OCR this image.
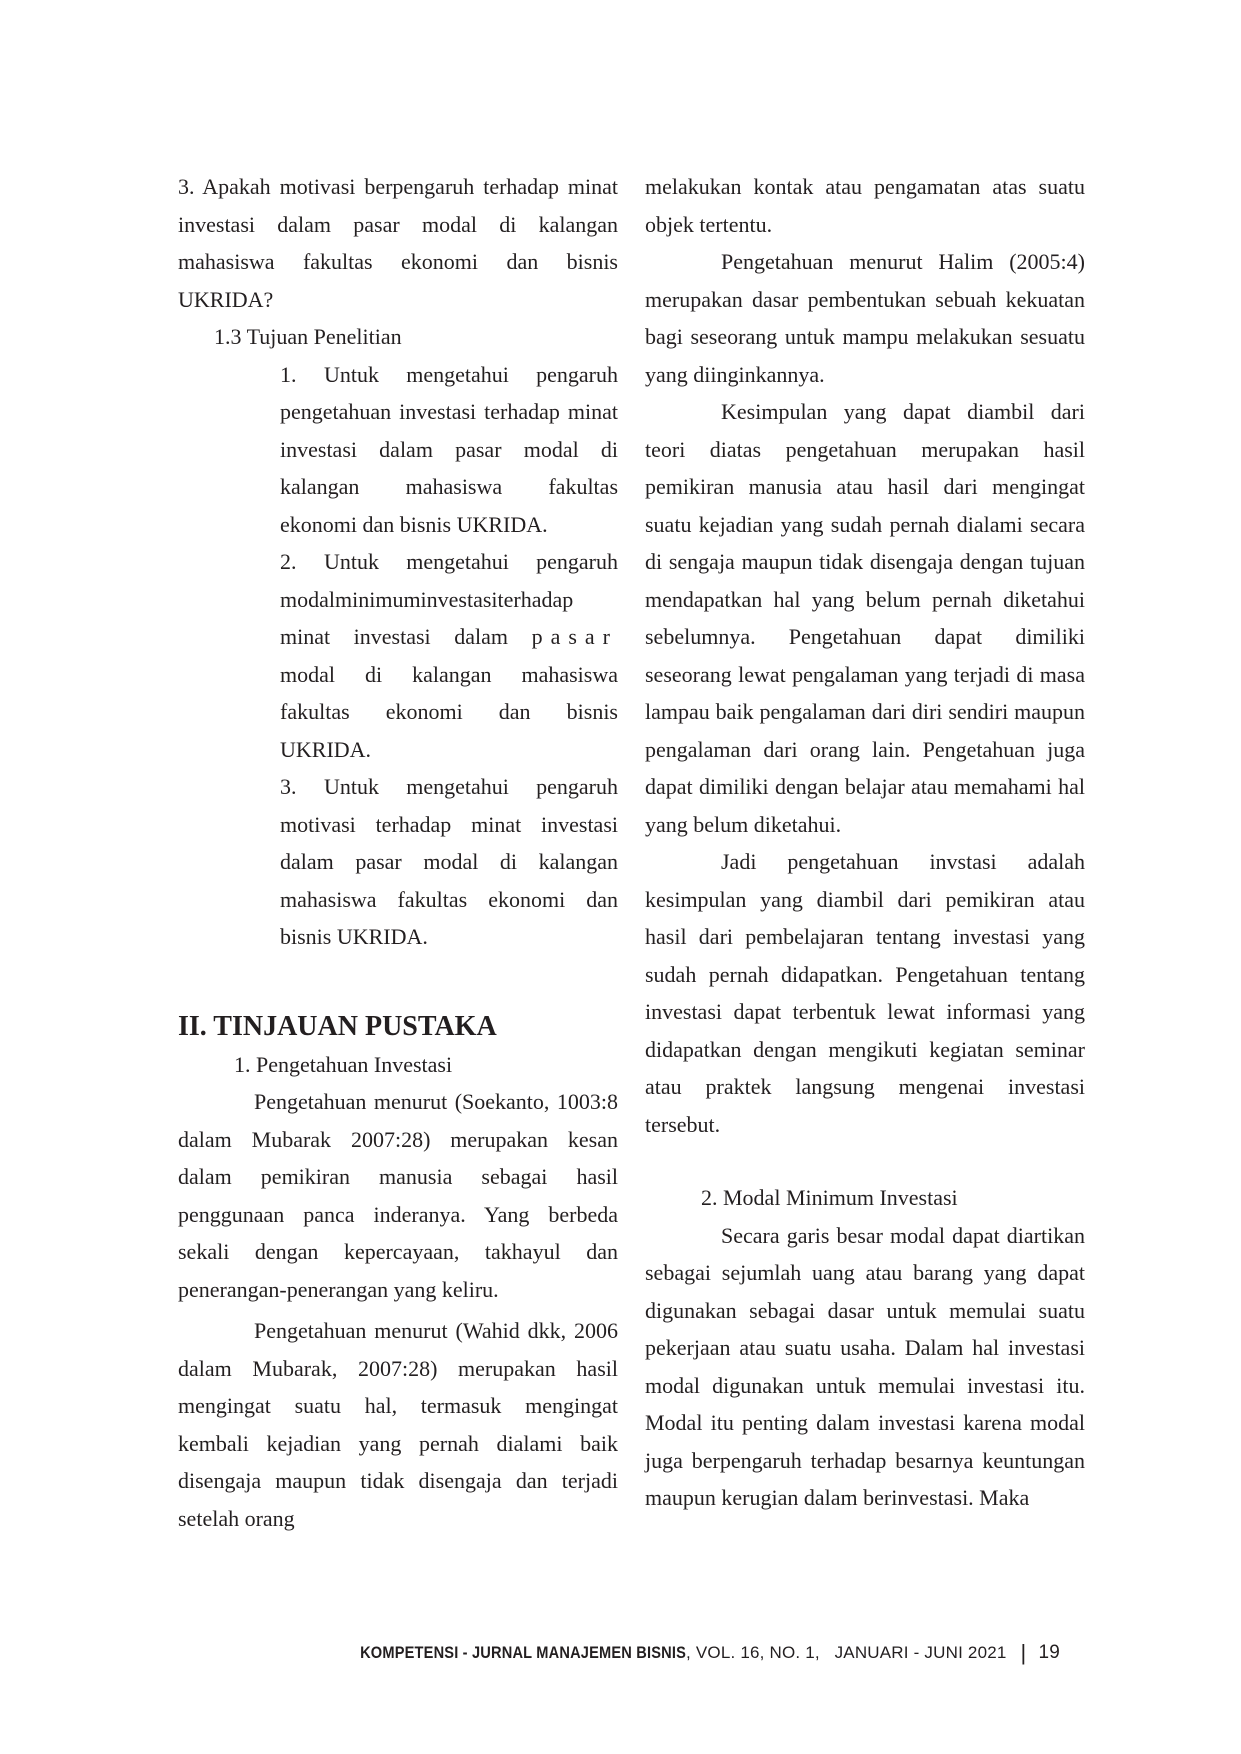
3. Apakah motivasi berpengaruh terhadap minat investasi dalam pasar modal di kalangan mahasiswa fakultas ekonomi dan bisnis UKRIDA?

1.3 Tujuan Penelitian

1. Untuk mengetahui pengaruh pengetahuan investasi terhadap minat investasi dalam pasar modal di kalangan mahasiswa fakultas ekonomi dan bisnis UKRIDA.

2. Untuk mengetahui pengaruh modalminimuminvestasiterhadap minat investasi dalam pasar modal di kalangan mahasiswa fakultas ekonomi dan bisnis UKRIDA.

3. Untuk mengetahui pengaruh motivasi terhadap minat investasi dalam pasar modal di kalangan mahasiswa fakultas ekonomi dan bisnis UKRIDA.

II. TINJAUAN PUSTAKA

1. Pengetahuan Investasi

Pengetahuan menurut (Soekanto, 1003:8 dalam Mubarak 2007:28) merupakan kesan dalam pemikiran manusia sebagai hasil penggunaan panca inderanya. Yang berbeda sekali dengan kepercayaan, takhayul dan penerangan-penerangan yang keliru.

Pengetahuan menurut (Wahid dkk, 2006 dalam Mubarak, 2007:28) merupakan hasil mengingat suatu hal, termasuk mengingat kembali kejadian yang pernah dialami baik disengaja maupun tidak disengaja dan terjadi setelah orang

melakukan kontak atau pengamatan atas suatu objek tertentu.

Pengetahuan menurut Halim (2005:4) merupakan dasar pembentukan sebuah kekuatan bagi seseorang untuk mampu melakukan sesuatu yang diinginkannya.

Kesimpulan yang dapat diambil dari teori diatas pengetahuan merupakan hasil pemikiran manusia atau hasil dari mengingat suatu kejadian yang sudah pernah dialami secara di sengaja maupun tidak disengaja dengan tujuan mendapatkan hal yang belum pernah diketahui sebelumnya. Pengetahuan dapat dimiliki seseorang lewat pengalaman yang terjadi di masa lampau baik pengalaman dari diri sendiri maupun pengalaman dari orang lain. Pengetahuan juga dapat dimiliki dengan belajar atau memahami hal yang belum diketahui.

Jadi pengetahuan invstasi adalah kesimpulan yang diambil dari pemikiran atau hasil dari pembelajaran tentang investasi yang sudah pernah didapatkan. Pengetahuan tentang investasi dapat terbentuk lewat informasi yang didapatkan dengan mengikuti kegiatan seminar atau praktek langsung mengenai investasi tersebut.

2. Modal Minimum Investasi

Secara garis besar modal dapat diartikan sebagai sejumlah uang atau barang yang dapat digunakan sebagai dasar untuk memulai suatu pekerjaan atau suatu usaha. Dalam hal investasi modal digunakan untuk memulai investasi itu. Modal itu penting dalam investasi karena modal juga berpengaruh terhadap besarnya keuntungan maupun kerugian dalam berinvestasi. Maka

KOMPETENSI - JURNAL MANAJEMEN BISNIS, VOL. 16, NO. 1,   JANUARI - JUNI 2021 | 19
